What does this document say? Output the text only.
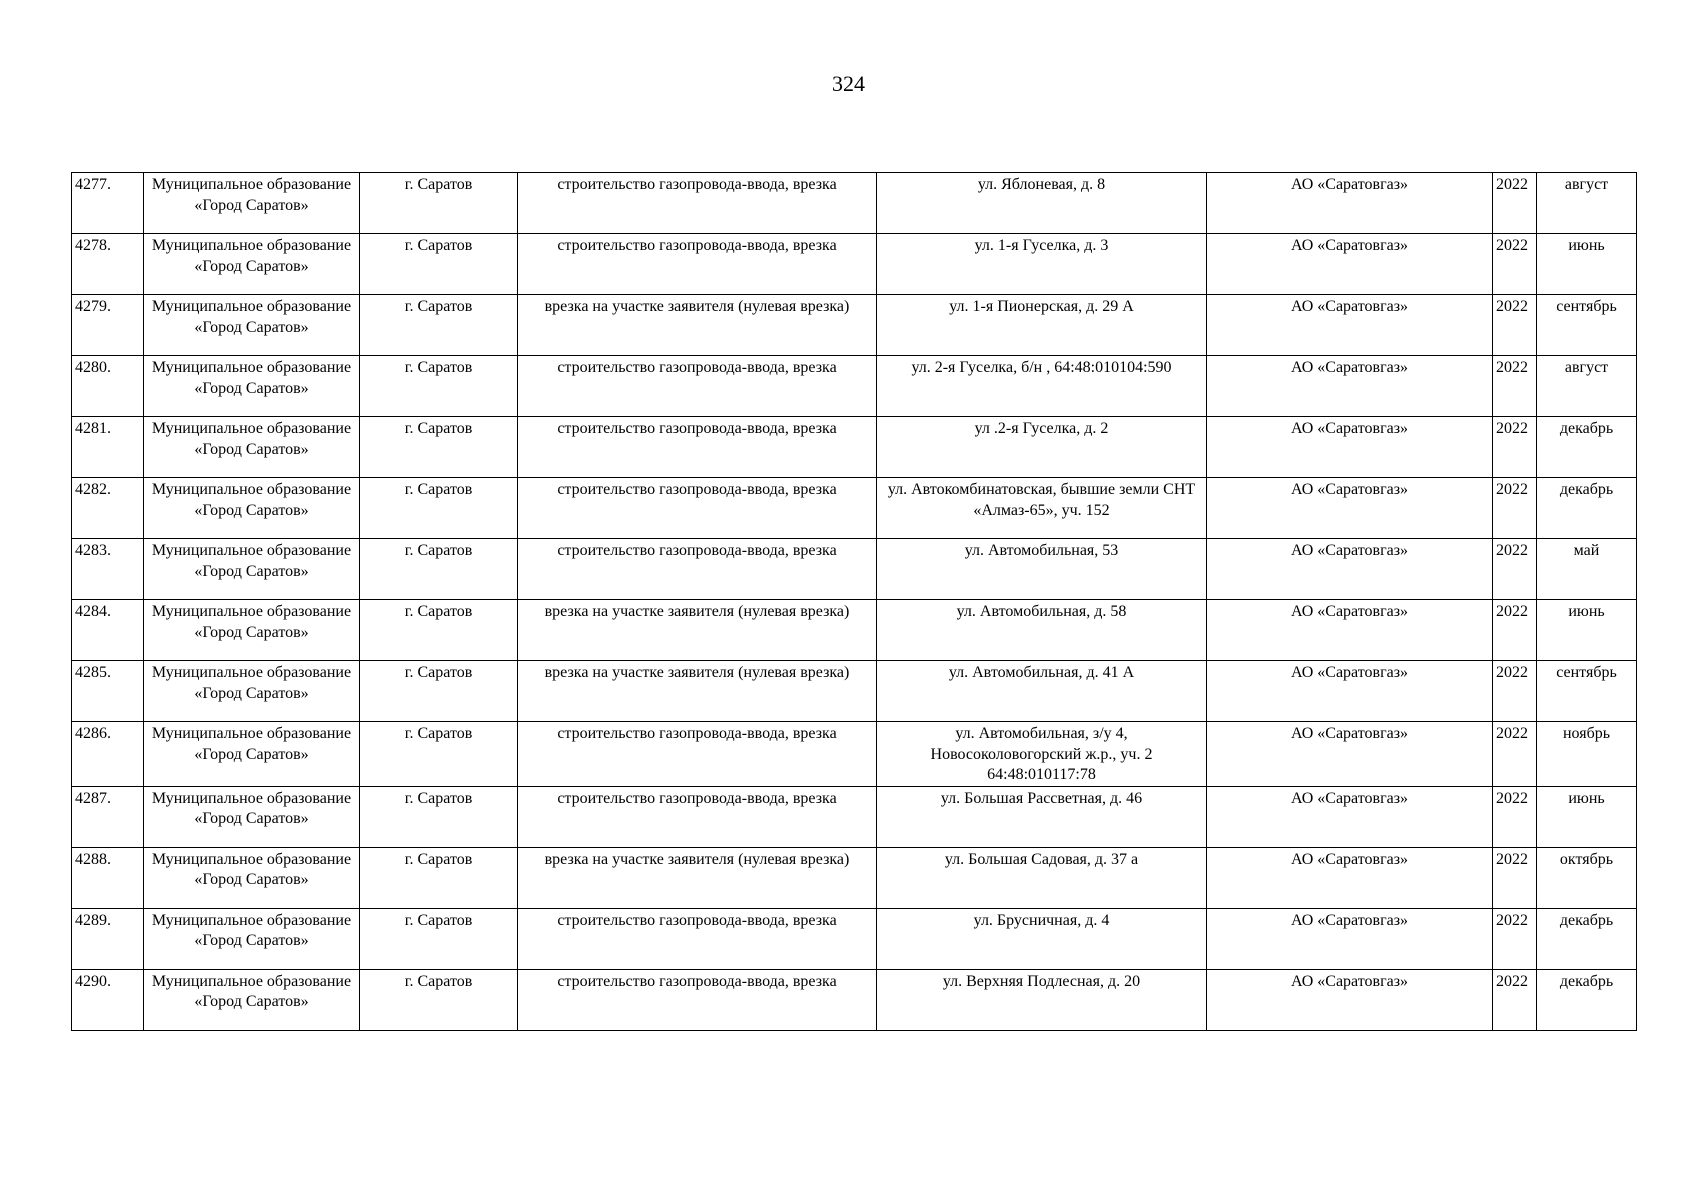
324
4277.	Муниципальное образование «Город Саратов»	г. Саратов	строительство газопровода-ввода, врезка	ул. Яблоневая, д. 8	АО «Саратовгаз»	2022	август
4278.	Муниципальное образование «Город Саратов»	г. Саратов	строительство газопровода-ввода, врезка	ул. 1-я Гуселка, д. 3	АО «Саратовгаз»	2022	июнь
4279.	Муниципальное образование «Город Саратов»	г. Саратов	врезка на участке заявителя (нулевая врезка)	ул. 1-я Пионерская, д. 29 А	АО «Саратовгаз»	2022	сентябрь
4280.	Муниципальное образование «Город Саратов»	г. Саратов	строительство газопровода-ввода, врезка	ул. 2-я Гуселка, б/н , 64:48:010104:590	АО «Саратовгаз»	2022	август
4281.	Муниципальное образование «Город Саратов»	г. Саратов	строительство газопровода-ввода, врезка	ул .2-я Гуселка, д. 2	АО «Саратовгаз»	2022	декабрь
4282.	Муниципальное образование «Город Саратов»	г. Саратов	строительство газопровода-ввода, врезка	ул. Автокомбинатовская, бывшие земли СНТ «Алмаз-65», уч. 152	АО «Саратовгаз»	2022	декабрь
4283.	Муниципальное образование «Город Саратов»	г. Саратов	строительство газопровода-ввода, врезка	ул. Автомобильная, 53	АО «Саратовгаз»	2022	май
4284.	Муниципальное образование «Город Саратов»	г. Саратов	врезка на участке заявителя (нулевая врезка)	ул. Автомобильная, д. 58	АО «Саратовгаз»	2022	июнь
4285.	Муниципальное образование «Город Саратов»	г. Саратов	врезка на участке заявителя (нулевая врезка)	ул. Автомобильная, д. 41 А	АО «Саратовгаз»	2022	сентябрь
4286.	Муниципальное образование «Город Саратов»	г. Саратов	строительство газопровода-ввода, врезка	ул. Автомобильная, з/у 4, Новосоколовогорский ж.р., уч. 2 64:48:010117:78	АО «Саратовгаз»	2022	ноябрь
4287.	Муниципальное образование «Город Саратов»	г. Саратов	строительство газопровода-ввода, врезка	ул. Большая Рассветная, д. 46	АО «Саратовгаз»	2022	июнь
4288.	Муниципальное образование «Город Саратов»	г. Саратов	врезка на участке заявителя (нулевая врезка)	ул. Большая Садовая, д. 37 а	АО «Саратовгаз»	2022	октябрь
4289.	Муниципальное образование «Город Саратов»	г. Саратов	строительство газопровода-ввода, врезка	ул. Брусничная, д. 4	АО «Саратовгаз»	2022	декабрь
4290.	Муниципальное образование «Город Саратов»	г. Саратов	строительство газопровода-ввода, врезка	ул. Верхняя Подлесная, д. 20	АО «Саратовгаз»	2022	декабрь
